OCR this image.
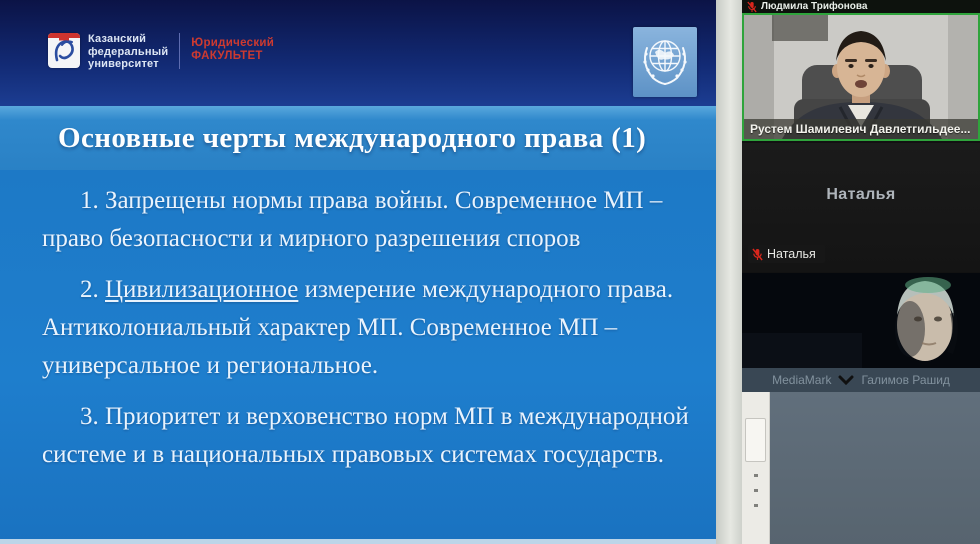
Казанский
федеральный
университет
Юридический
ФАКУЛЬТЕТ
Основные черты международного права (1)

1. Запрещены нормы права войны. Современное МП – право безопасности и мирного разрешения споров

2. Цивилизационное измерение международного права. Антиколониальный характер МП. Современное МП – универсальное и региональное.

3. Приоритет и верховенство норм МП в международной системе и в национальных правовых системах государств.

Людмила Трифонова
Рустем Шамилевич Давлетгильдее...
Наталья
Наталья
MediaMark	Галимов Рашид
